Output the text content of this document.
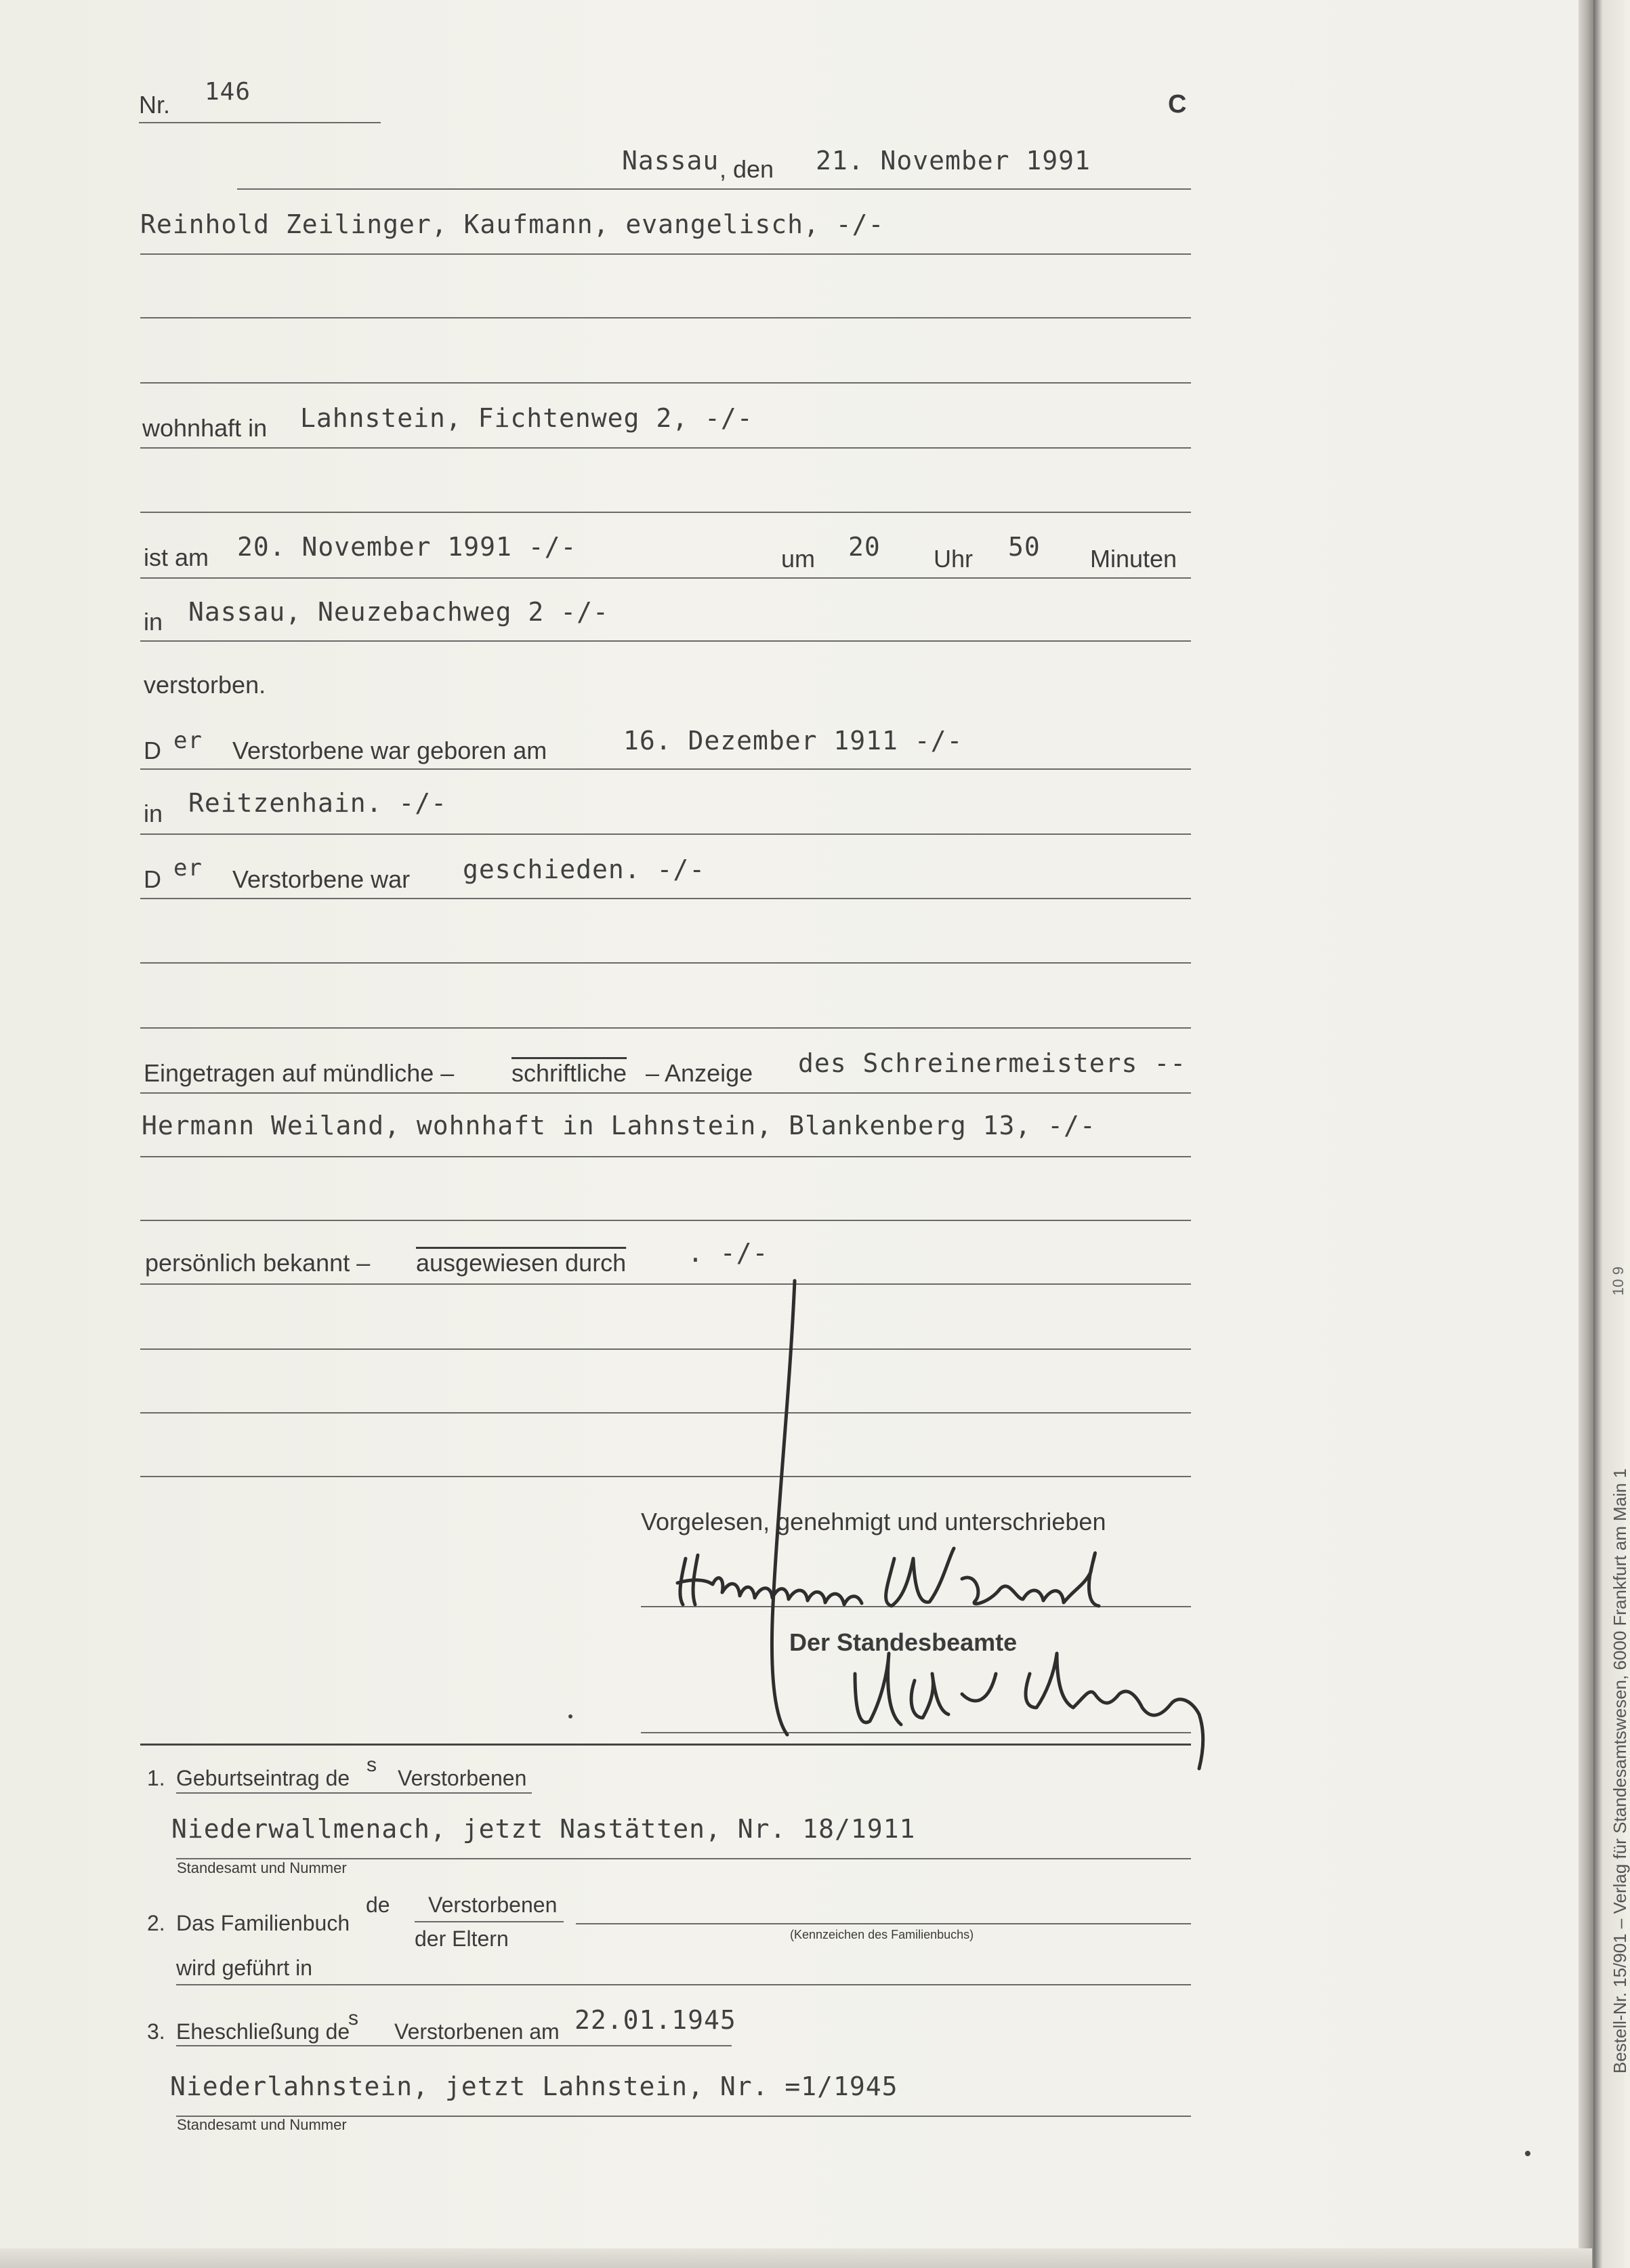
Nr. 146	C
Nassau , den 21. November 1991
Reinhold Zeilinger, Kaufmann, evangelisch, -/-
wohnhaft in Lahnstein, Fichtenweg 2, -/-
ist am 20. November 1991 -/-	um 20 Uhr 50 Minuten
in Nassau, Neuzebachweg 2 -/-
verstorben.
D er Verstorbene war geboren am	16. Dezember 1911 -/-
in Reitzenhain. -/-
D er Verstorbene war geschieden. -/-
Eingetragen auf mündliche – schriftliche – Anzeige des Schreinermeisters --
Hermann Weiland, wohnhaft in Lahnstein, Blankenberg 13, -/-
persönlich bekannt – ausgewiesen durch . -/-
Vorgelesen, genehmigt und unterschrieben
Der Standesbeamte
1. Geburtseintrag de
s
Verstorbenen
Niederwallmenach, jetzt Nastätten, Nr. 18/1911
Standesamt und Nummer
2. Das Familienbuch
de Verstorbenen
der Eltern	(Kennzeichen des Familienbuchs)
wird geführt in
3. Eheschließung de
s
Verstorbenen am 22.01.1945
Niederlahnstein, jetzt Lahnstein, Nr. =1/1945
Standesamt und Nummer
10 9
Bestell-Nr. 15/901 – Verlag für Standesamtswesen, 6000 Frankfurt am Main 1
